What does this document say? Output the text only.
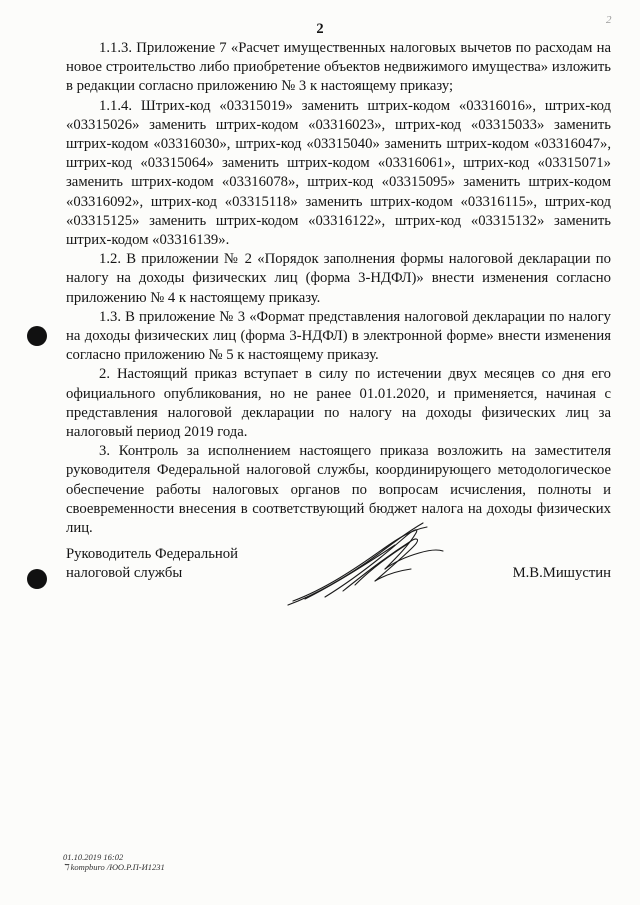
2
2

1.1.3. Приложение 7 «Расчет имущественных налоговых вычетов по расходам на новое строительство либо приобретение объектов недвижимого имущества» изложить в редакции согласно приложению № 3 к настоящему приказу;

1.1.4. Штрих-код «03315019» заменить штрих-кодом «03316016», штрих-код «03315026» заменить штрих-кодом «03316023», штрих-код «03315033» заменить штрих-кодом «03316030», штрих-код «03315040» заменить штрих-кодом «03316047», штрих-код «03315064» заменить штрих-кодом «03316061», штрих-код «03315071» заменить штрих-кодом «03316078», штрих-код «03315095» заменить штрих-кодом «03316092», штрих-код «03315118» заменить штрих-кодом «03316115», штрих-код «03315125» заменить штрих-кодом «03316122», штрих-код «03315132» заменить штрих-кодом «03316139».

1.2. В приложении № 2 «Порядок заполнения формы налоговой декларации по налогу на доходы физических лиц (форма 3-НДФЛ)» внести изменения согласно приложению № 4 к настоящему приказу.

1.3. В приложение № 3 «Формат представления налоговой декларации по налогу на доходы физических лиц (форма 3-НДФЛ) в электронной форме» внести изменения согласно приложению № 5 к настоящему приказу.

2. Настоящий приказ вступает в силу по истечении двух месяцев со дня его официального опубликования, но не ранее 01.01.2020, и применяется, начиная с представления налоговой декларации по налогу на доходы физических лиц за налоговый период 2019 года.

3. Контроль за исполнением настоящего приказа возложить на заместителя руководителя Федеральной налоговой службы, координирующего методологическое обеспечение работы налоговых органов по вопросам исчисления, полноты и своевременности внесения в соответствующий бюджет налога на доходы физических лиц.

Руководитель Федеральной
налоговой службы	М.В.Мишустин
01.10.2019 16:02
ℸ kompburo /ЮО.Р.П-И1231
